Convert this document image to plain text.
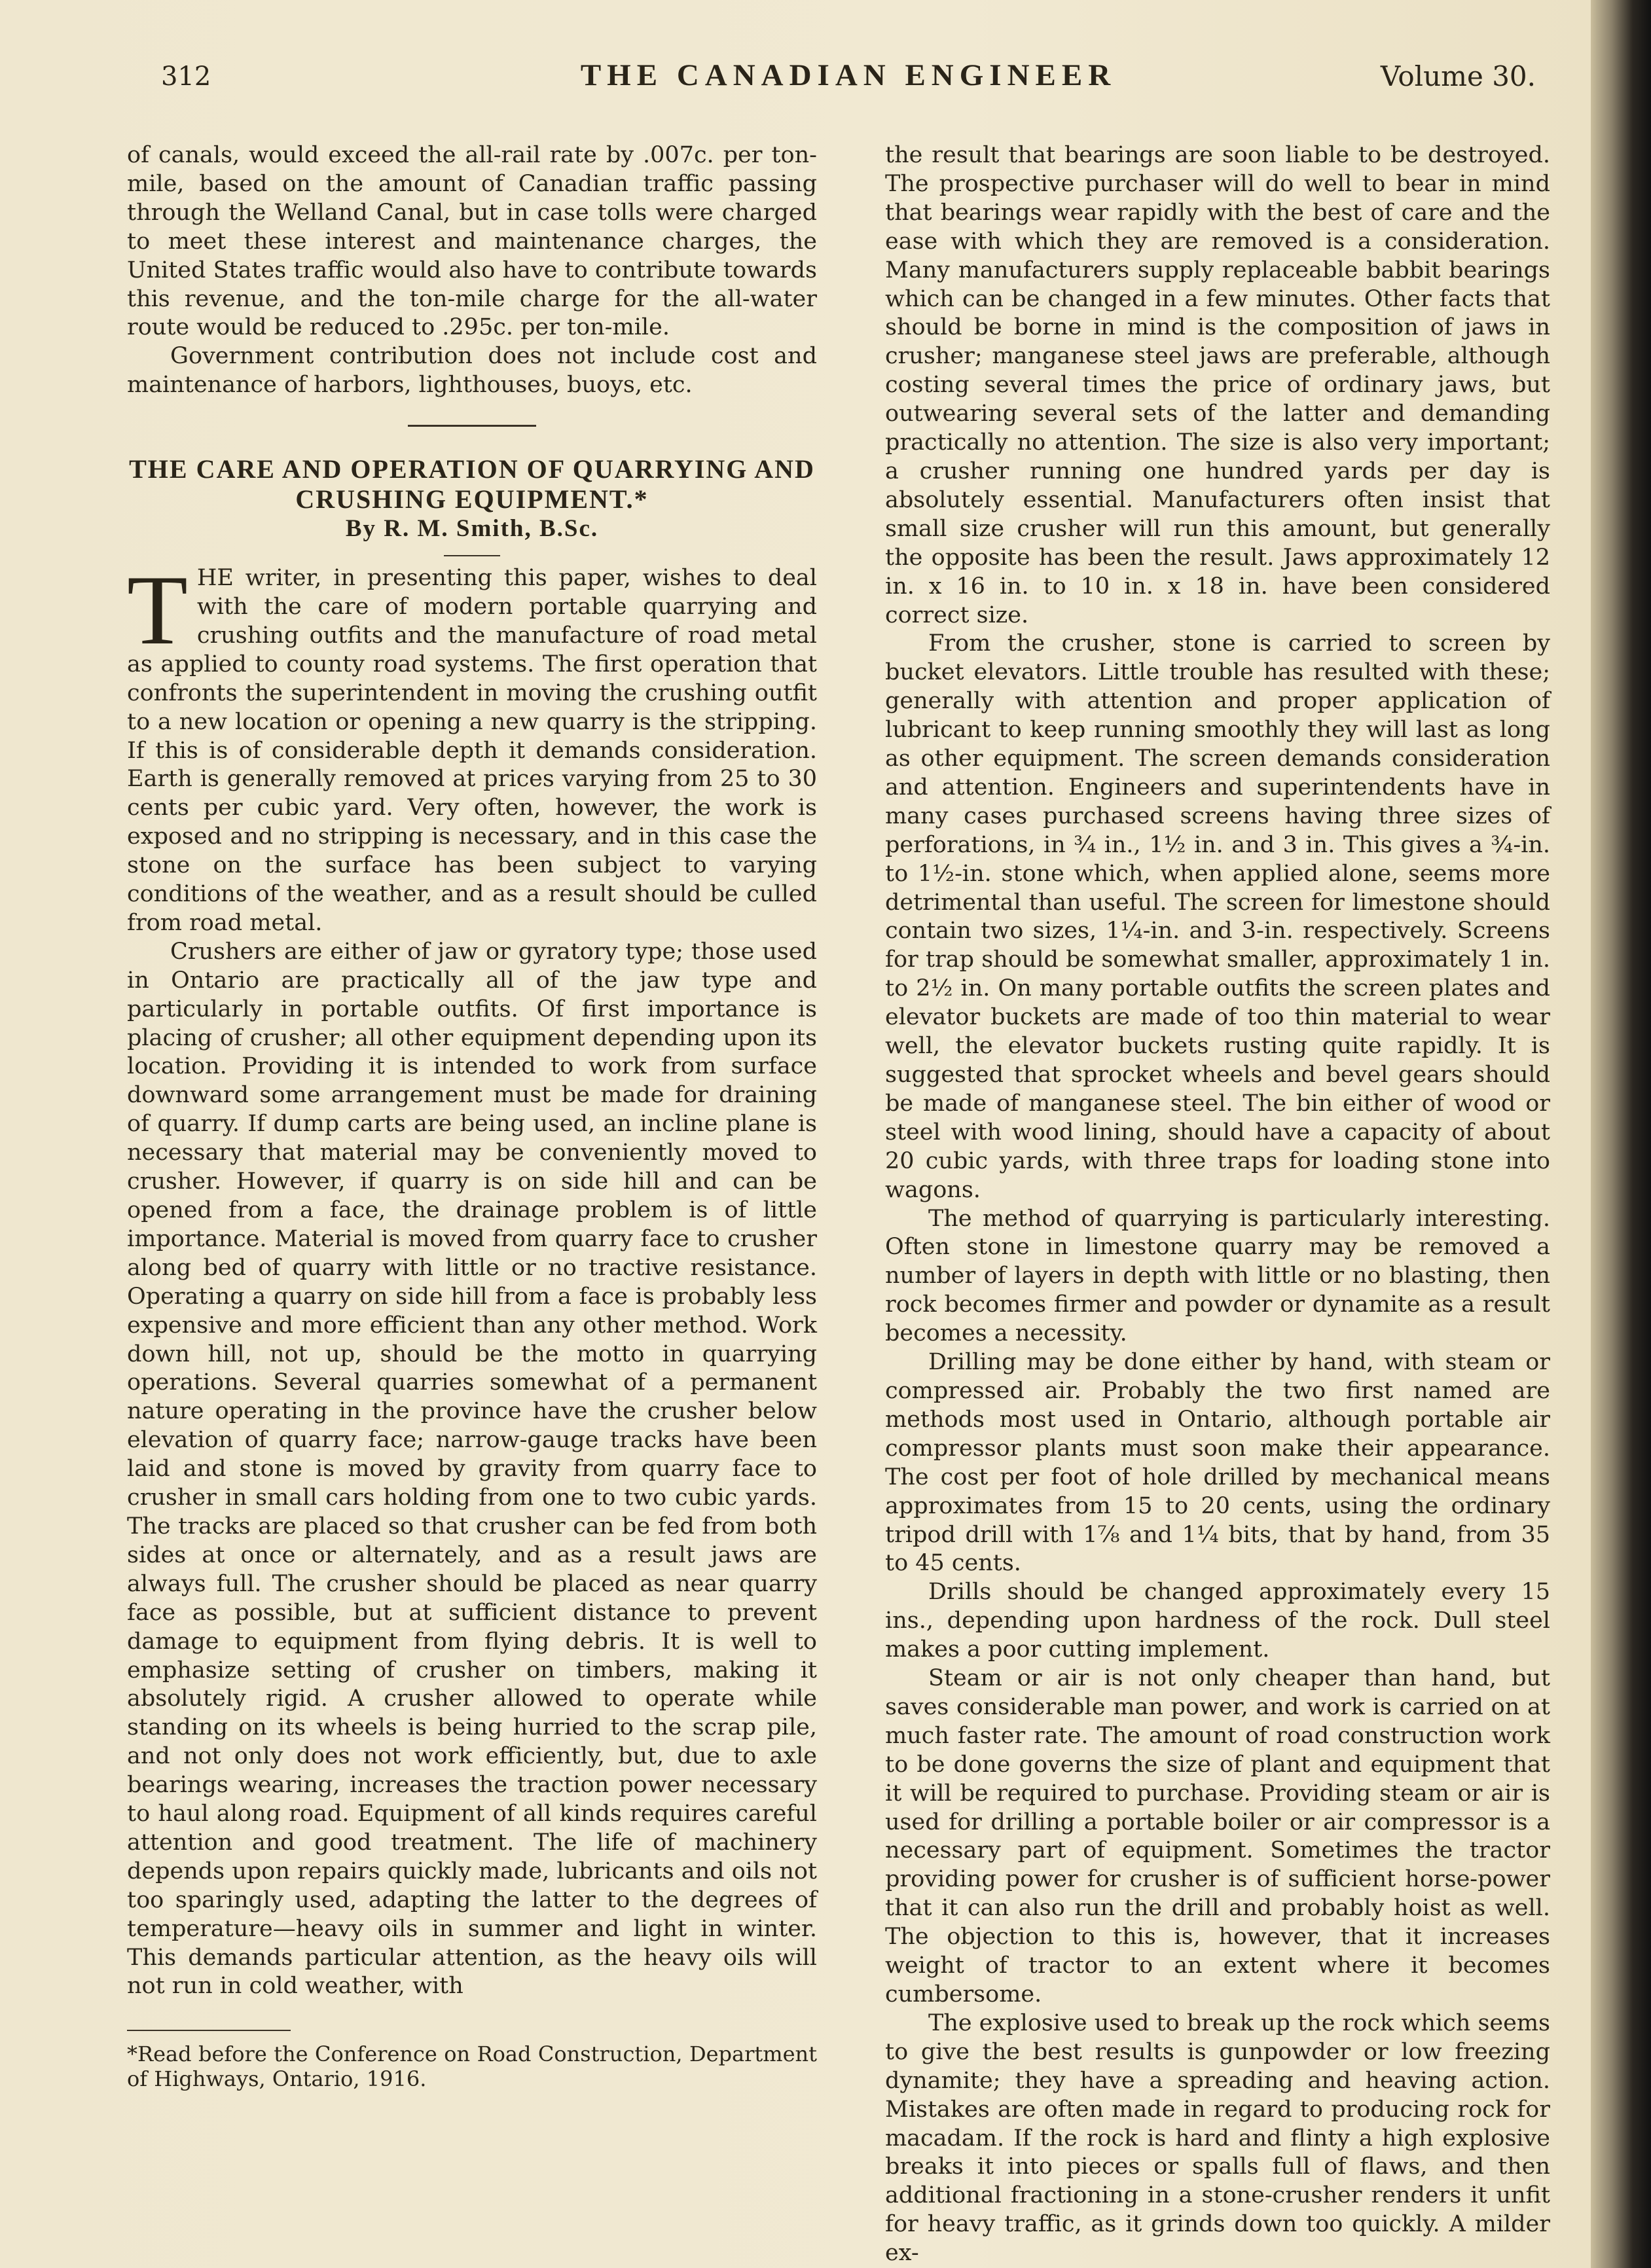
312	THE CANADIAN ENGINEER	Volume 30.

of canals, would exceed the all-rail rate by .007c. per ton-mile, based on the amount of Canadian traffic passing through the Welland Canal, but in case tolls were charged to meet these interest and maintenance charges, the United States traffic would also have to contribute towards this revenue, and the ton-mile charge for the all-water route would be reduced to .295c. per ton-mile.

Government contribution does not include cost and maintenance of harbors, lighthouses, buoys, etc.

THE CARE AND OPERATION OF QUARRYING AND CRUSHING EQUIPMENT.*

By R. M. Smith, B.Sc.

THE writer, in presenting this paper, wishes to deal with the care of modern portable quarrying and crushing outfits and the manufacture of road metal as applied to county road systems. The first operation that confronts the superintendent in moving the crushing outfit to a new location or opening a new quarry is the stripping. If this is of considerable depth it demands consideration. Earth is generally removed at prices varying from 25 to 30 cents per cubic yard. Very often, however, the work is exposed and no stripping is necessary, and in this case the stone on the surface has been subject to varying conditions of the weather, and as a result should be culled from road metal.

Crushers are either of jaw or gyratory type; those used in Ontario are practically all of the jaw type and particularly in portable outfits. Of first importance is placing of crusher; all other equipment depending upon its location. Providing it is intended to work from surface downward some arrangement must be made for draining of quarry. If dump carts are being used, an incline plane is necessary that material may be conveniently moved to crusher. However, if quarry is on side hill and can be opened from a face, the drainage problem is of little importance. Material is moved from quarry face to crusher along bed of quarry with little or no tractive resistance. Operating a quarry on side hill from a face is probably less expensive and more efficient than any other method. Work down hill, not up, should be the motto in quarrying operations. Several quarries somewhat of a permanent nature operating in the province have the crusher below elevation of quarry face; narrow-gauge tracks have been laid and stone is moved by gravity from quarry face to crusher in small cars holding from one to two cubic yards. The tracks are placed so that crusher can be fed from both sides at once or alternately, and as a result jaws are always full. The crusher should be placed as near quarry face as possible, but at sufficient distance to prevent damage to equipment from flying debris. It is well to emphasize setting of crusher on timbers, making it absolutely rigid. A crusher allowed to operate while standing on its wheels is being hurried to the scrap pile, and not only does not work efficiently, but, due to axle bearings wearing, increases the traction power necessary to haul along road. Equipment of all kinds requires careful attention and good treatment. The life of machinery depends upon repairs quickly made, lubricants and oils not too sparingly used, adapting the latter to the degrees of temperature—heavy oils in summer and light in winter. This demands particular attention, as the heavy oils will not run in cold weather, with

*Read before the Conference on Road Construction, Department of Highways, Ontario, 1916.

the result that bearings are soon liable to be destroyed. The prospective purchaser will do well to bear in mind that bearings wear rapidly with the best of care and the ease with which they are removed is a consideration. Many manufacturers supply replaceable babbit bearings which can be changed in a few minutes. Other facts that should be borne in mind is the composition of jaws in crusher; manganese steel jaws are preferable, although costing several times the price of ordinary jaws, but outwearing several sets of the latter and demanding practically no attention. The size is also very important; a crusher running one hundred yards per day is absolutely essential. Manufacturers often insist that small size crusher will run this amount, but generally the opposite has been the result. Jaws approximately 12 in. x 16 in. to 10 in. x 18 in. have been considered correct size.

From the crusher, stone is carried to screen by bucket elevators. Little trouble has resulted with these; generally with attention and proper application of lubricant to keep running smoothly they will last as long as other equipment. The screen demands consideration and attention. Engineers and superintendents have in many cases purchased screens having three sizes of perforations, in ¾ in., 1½ in. and 3 in. This gives a ¾-in. to 1½-in. stone which, when applied alone, seems more detrimental than useful. The screen for limestone should contain two sizes, 1¼-in. and 3-in. respectively. Screens for trap should be somewhat smaller, approximately 1 in. to 2½ in. On many portable outfits the screen plates and elevator buckets are made of too thin material to wear well, the elevator buckets rusting quite rapidly. It is suggested that sprocket wheels and bevel gears should be made of manganese steel. The bin either of wood or steel with wood lining, should have a capacity of about 20 cubic yards, with three traps for loading stone into wagons.

The method of quarrying is particularly interesting. Often stone in limestone quarry may be removed a number of layers in depth with little or no blasting, then rock becomes firmer and powder or dynamite as a result becomes a necessity.

Drilling may be done either by hand, with steam or compressed air. Probably the two first named are methods most used in Ontario, although portable air compressor plants must soon make their appearance. The cost per foot of hole drilled by mechanical means approximates from 15 to 20 cents, using the ordinary tripod drill with 1⅞ and 1¼ bits, that by hand, from 35 to 45 cents.

Drills should be changed approximately every 15 ins., depending upon hardness of the rock. Dull steel makes a poor cutting implement.

Steam or air is not only cheaper than hand, but saves considerable man power, and work is carried on at much faster rate. The amount of road construction work to be done governs the size of plant and equipment that it will be required to purchase. Providing steam or air is used for drilling a portable boiler or air compressor is a necessary part of equipment. Sometimes the tractor providing power for crusher is of sufficient horse-power that it can also run the drill and probably hoist as well. The objection to this is, however, that it increases weight of tractor to an extent where it becomes cumbersome.

The explosive used to break up the rock which seems to give the best results is gunpowder or low freezing dynamite; they have a spreading and heaving action. Mistakes are often made in regard to producing rock for macadam. If the rock is hard and flinty a high explosive breaks it into pieces or spalls full of flaws, and then additional fractioning in a stone-crusher renders it unfit for heavy traffic, as it grinds down too quickly. A milder ex-
